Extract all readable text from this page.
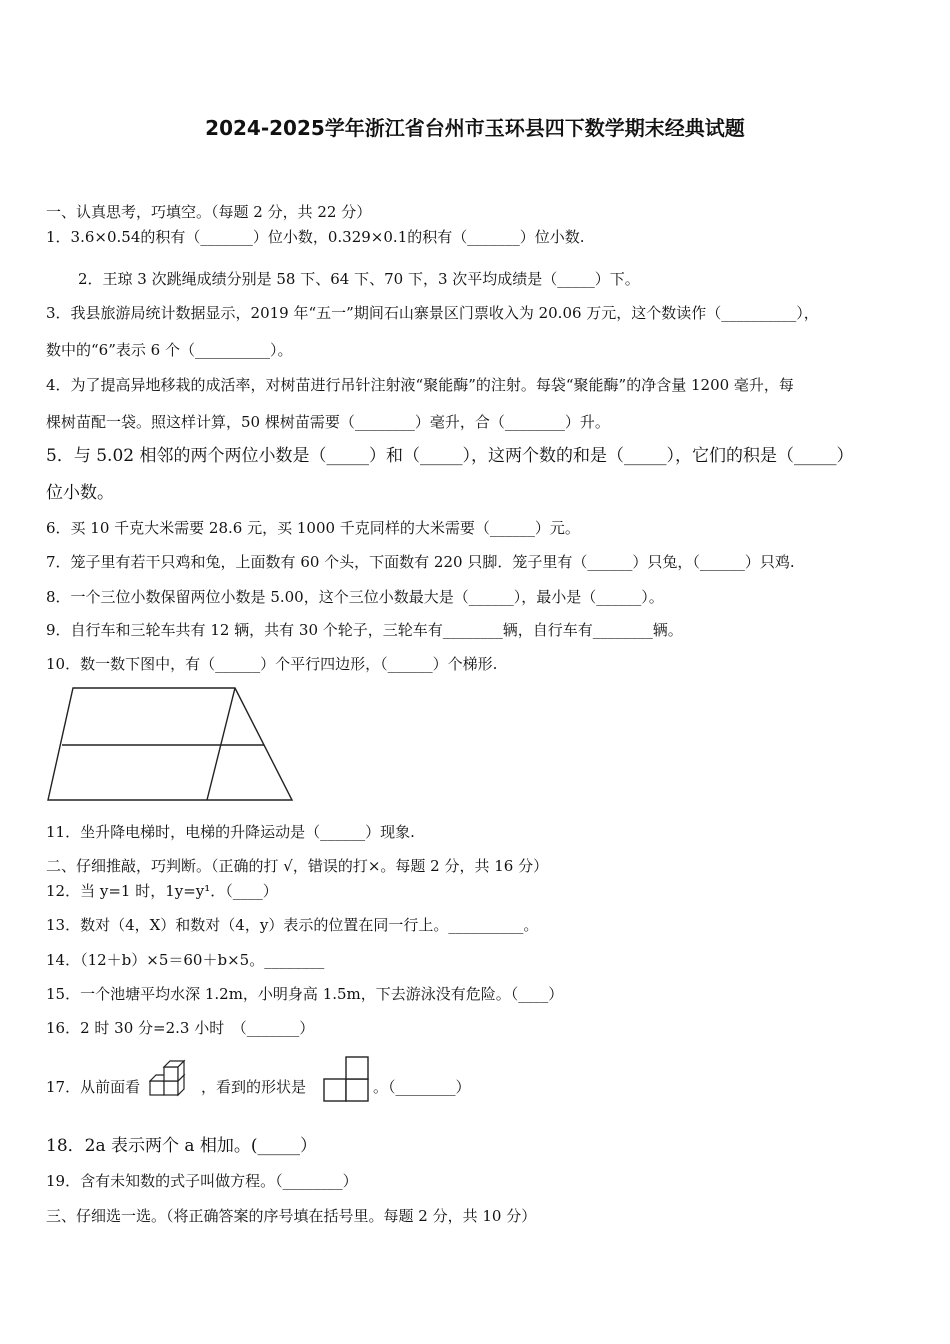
2024-2025学年浙江省台州市玉环县四下数学期末经典试题
一、认真思考，巧填空。（每题 2 分，共 22 分）
1．3.6×0.54的积有（_______）位小数，0.329×0.1的积有（_______）位小数.
2．王琼 3 次跳绳成绩分别是 58 下、64 下、70 下，3 次平均成绩是（_____）下。
3．我县旅游局统计数据显示，2019 年“五一”期间石山寨景区门票收入为 20.06 万元，这个数读作（__________），
数中的“6”表示 6 个（__________）。
4．为了提高异地移栽的成活率，对树苗进行吊针注射液“聚能酶”的注射。每袋“聚能酶”的净含量 1200 毫升，每
棵树苗配一袋。照这样计算，50 棵树苗需要（________）毫升，合（________）升。
5．与 5.02 相邻的两个两位小数是（_____）和（_____），这两个数的和是（_____），它们的积是（_____）
位小数。
6．买 10 千克大米需要 28.6 元，买 1000 千克同样的大米需要（______）元。
7．笼子里有若干只鸡和兔，上面数有 60 个头，下面数有 220 只脚．笼子里有（______）只兔，（______）只鸡.
8．一个三位小数保留两位小数是 5.00，这个三位小数最大是（______），最小是（______）。
9．自行车和三轮车共有 12 辆，共有 30 个轮子，三轮车有________辆，自行车有________辆。
10．数一数下图中，有（______）个平行四边形，（______）个梯形.
11．坐升降电梯时，电梯的升降运动是（______）现象.
二、仔细推敲，巧判断。（正确的打 √，错误的打×。每题 2 分，共 16 分）
12．当 y=1 时，1y=y¹．（____）
13．数对（4，X）和数对（4，y）表示的位置在同一行上。__________。
14．（12＋b）×5＝60＋b×5。________
15．一个池塘平均水深 1.2m，小明身高 1.5m，下去游泳没有危险。（____）
16．2 时 30 分=2.3 小时　（_______）
17．从前面看	，看到的形状是	。（________）
18．2a 表示两个 a 相加。(_____）
19．含有未知数的式子叫做方程。（________）
三、仔细选一选。（将正确答案的序号填在括号里。每题 2 分，共 10 分）
